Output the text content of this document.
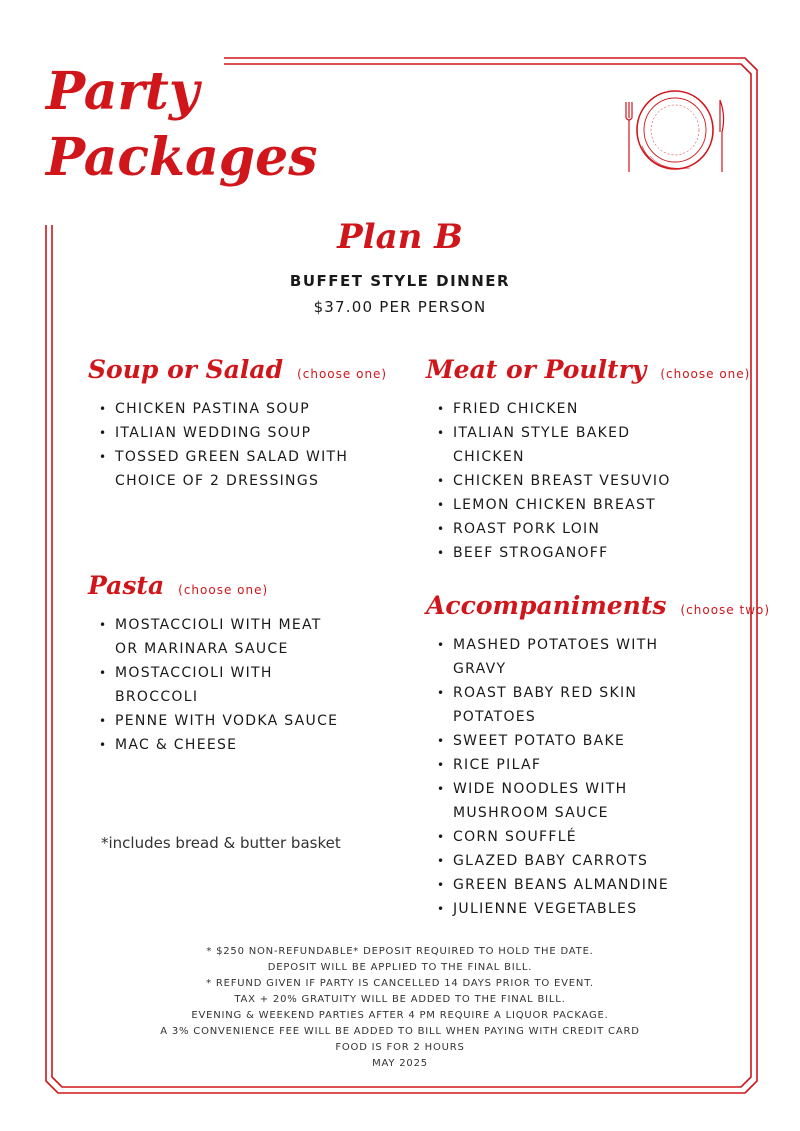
Party
Packages
Plan B
BUFFET STYLE DINNER
$37.00 PER PERSON
Soup or Salad (choose one)
• CHICKEN PASTINA SOUP
• ITALIAN WEDDING SOUP
• TOSSED GREEN SALAD WITH CHOICE OF 2 DRESSINGS
Meat or Poultry (choose one)
• FRIED CHICKEN
• ITALIAN STYLE BAKED CHICKEN
• CHICKEN BREAST VESUVIO
• LEMON CHICKEN BREAST
• ROAST PORK LOIN
• BEEF STROGANOFF
Pasta (choose one)
• MOSTACCIOLI WITH MEAT OR MARINARA SAUCE
• MOSTACCIOLI WITH BROCCOLI
• PENNE WITH VODKA SAUCE
• MAC & CHEESE
Accompaniments (choose two)
• MASHED POTATOES WITH GRAVY
• ROAST BABY RED SKIN POTATOES
• SWEET POTATO BAKE
• RICE PILAF
• WIDE NOODLES WITH MUSHROOM SAUCE
• CORN SOUFFLÉ
• GLAZED BABY CARROTS
• GREEN BEANS ALMANDINE
• JULIENNE VEGETABLES
*includes bread & butter basket
* $250 NON-REFUNDABLE* DEPOSIT REQUIRED TO HOLD THE DATE.
DEPOSIT WILL BE APPLIED TO THE FINAL BILL.
* REFUND GIVEN IF PARTY IS CANCELLED 14 DAYS PRIOR TO EVENT.
TAX + 20% GRATUITY WILL BE ADDED TO THE FINAL BILL.
EVENING & WEEKEND PARTIES AFTER 4 PM REQUIRE A LIQUOR PACKAGE.
A 3% CONVENIENCE FEE WILL BE ADDED TO BILL WHEN PAYING WITH CREDIT CARD
FOOD IS FOR 2 HOURS
MAY 2025
